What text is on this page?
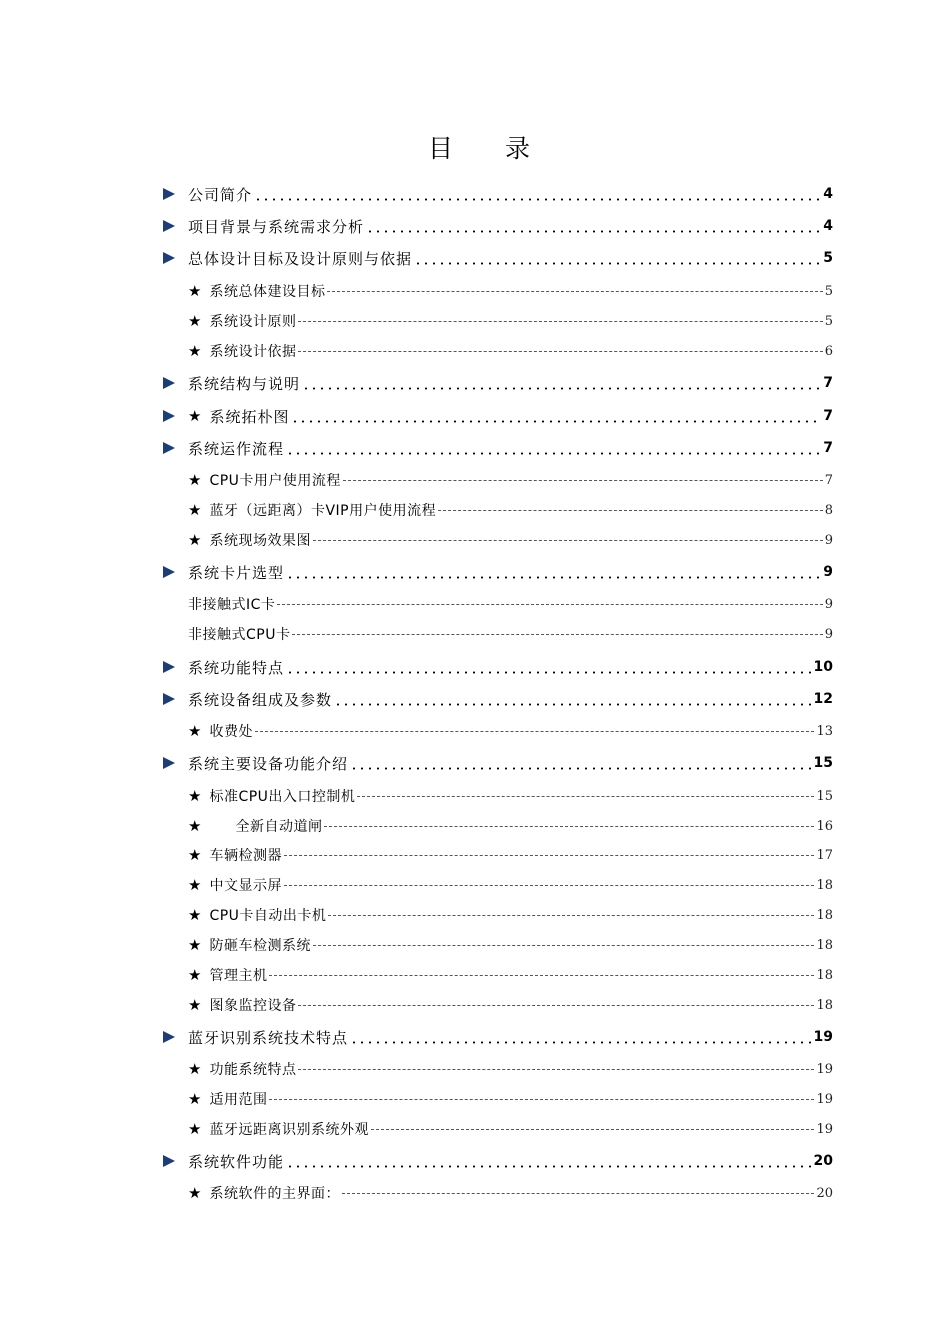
目 录
公司简介	4
项目背景与系统需求分析	4
总体设计目标及设计原则与依据	5
★ 系统总体建设目标	5
★ 系统设计原则	5
★ 系统设计依据	6
系统结构与说明	7
★ 系统拓朴图	7
系统运作流程	7
★ CPU卡用户使用流程	7
★ 蓝牙（远距离）卡VIP用户使用流程	8
★ 系统现场效果图	9
系统卡片选型	9
非接触式IC卡	9
非接触式CPU卡	9
系统功能特点	10
系统设备组成及参数	12
★ 收费处	13
系统主要设备功能介绍	15
★ 标准CPU出入口控制机	15
★ 全新自动道闸	16
★ 车辆检测器	17
★ 中文显示屏	18
★ CPU卡自动出卡机	18
★ 防砸车检测系统	18
★ 管理主机	18
★ 图象监控设备	18
蓝牙识别系统技术特点	19
★ 功能系统特点	19
★ 适用范围	19
★ 蓝牙远距离识别系统外观	19
系统软件功能	20
★ 系统软件的主界面：	20
